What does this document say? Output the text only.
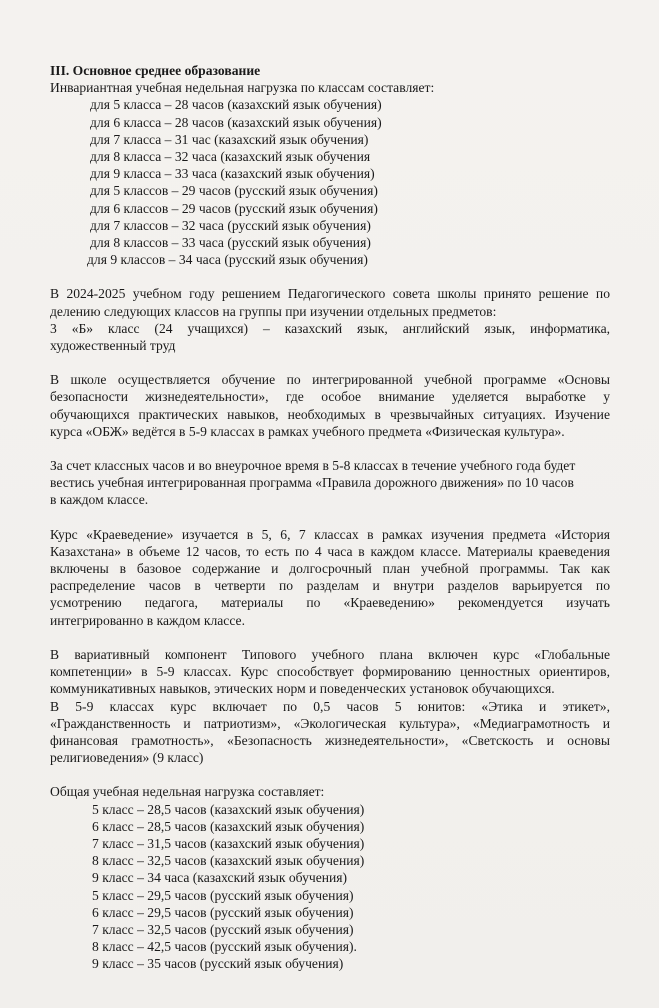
III. Основное среднее образование
Инвариантная учебная недельная нагрузка по классам составляет:
для 5 класса – 28 часов (казахский язык обучения)
для 6 класса – 28 часов (казахский язык обучения)
для 7 класса – 31 час (казахский язык обучения)
для 8 класса – 32 часа (казахский язык обучения
для 9 класса – 33 часа (казахский язык обучения)
для 5 классов – 29 часов (русский язык обучения)
для 6 классов – 29 часов (русский язык обучения)
для 7 классов – 32 часа (русский язык обучения)
для 8 классов – 33 часа (русский язык обучения)
для 9 классов – 34 часа (русский язык обучения)
В 2024-2025 учебном году решением Педагогического совета школы принято решение по
делению следующих классов на группы при изучении отдельных предметов:
3 «Б» класс (24 учащихся) – казахский язык, английский язык, информатика,
художественный труд
В школе осуществляется обучение по интегрированной учебной программе «Основы
безопасности жизнедеятельности», где особое внимание уделяется выработке у
обучающихся практических навыков, необходимых в чрезвычайных ситуациях. Изучение
курса «ОБЖ» ведётся в 5-9 классах в рамках учебного предмета «Физическая культура».
За счет классных часов и во внеурочное время в 5-8 классах в течение учебного года будет
вестись учебная интегрированная программа «Правила дорожного движения» по 10 часов
в каждом классе.
Курс «Краеведение» изучается в 5, 6, 7 классах в рамках изучения предмета «История
Казахстана» в объеме 12 часов, то есть по 4 часа в каждом классе. Материалы краеведения
включены в базовое содержание и долгосрочный план учебной программы. Так как
распределение часов в четверти по разделам и внутри разделов варьируется по
усмотрению педагога, материалы по «Краеведению» рекомендуется изучать
интегрированно в каждом классе.
В вариативный компонент Типового учебного плана включен курс «Глобальные
компетенции» в 5-9 классах. Курс способствует формированию ценностных ориентиров,
коммуникативных навыков, этических норм и поведенческих установок обучающихся.
В 5-9 классах курс включает по 0,5 часов 5 юнитов: «Этика и этикет»,
«Гражданственность и патриотизм», «Экологическая культура», «Медиаграмотность и
финансовая грамотность», «Безопасность жизнедеятельности», «Светскость и основы
религиоведения» (9 класс)
Общая учебная недельная нагрузка составляет:
5 класс – 28,5 часов (казахский язык обучения)
6 класс – 28,5 часов (казахский язык обучения)
7 класс – 31,5 часов (казахский язык обучения)
8 класс – 32,5 часов (казахский язык обучения)
9 класс – 34 часа (казахский язык обучения)
5 класс – 29,5 часов (русский язык обучения)
6 класс – 29,5 часов (русский язык обучения)
7 класс – 32,5 часов (русский язык обучения)
8 класс – 42,5 часов (русский язык обучения).
9 класс – 35 часов (русский язык обучения)
